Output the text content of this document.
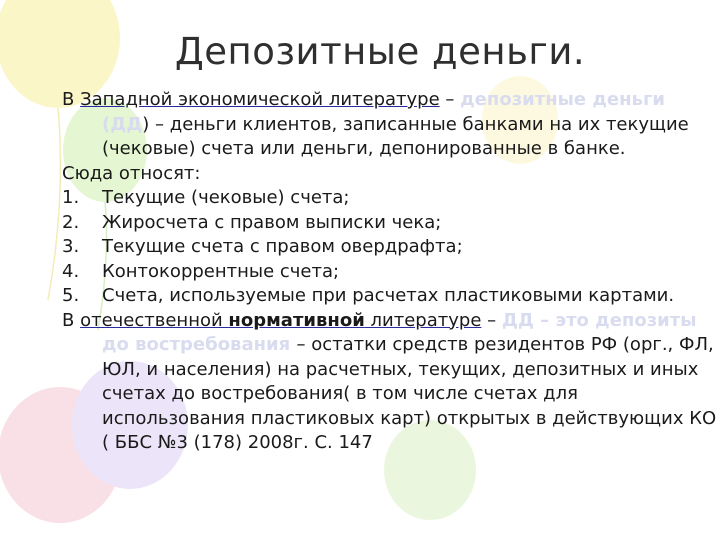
Депозитные деньги.

В Западной экономической литературе – депозитные деньги (ДД) – деньги клиентов, записанные банками на их текущие (чековые) счета или деньги, депонированные в банке.

Сюда относят:

1. Текущие (чековые) счета;

2. Жиросчета с правом выписки чека;

3. Текущие счета с правом овердрафта;

4. Контокоррентные счета;

5. Счета, используемые при расчетах пластиковыми картами.

В отечественной нормативной литературе – ДД – это депозиты до востребования – остатки средств резидентов РФ (орг., ФЛ, ЮЛ, и населения) на расчетных, текущих, депозитных и иных счетах до востребования( в том числе счетах для использования пластиковых карт) открытых в действующих КО ( ББС №3 (178) 2008г. С. 147
